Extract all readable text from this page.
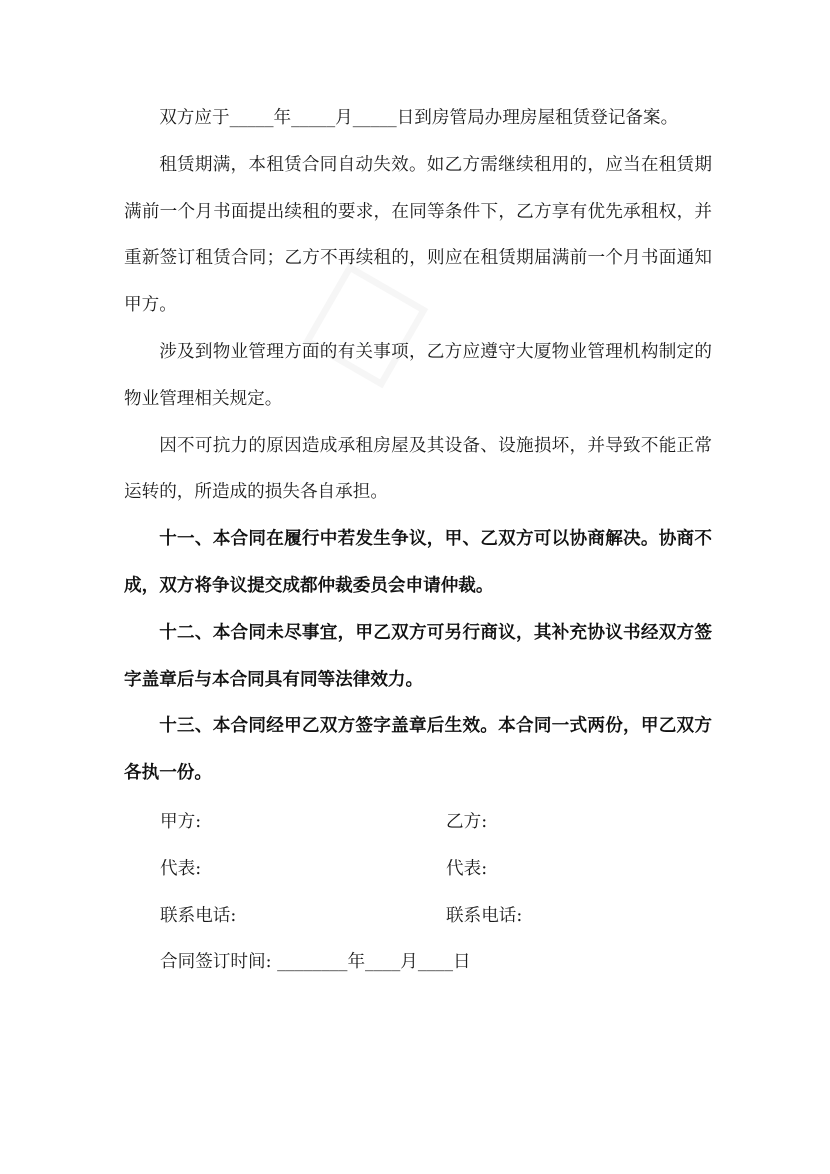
双方应于_____年_____月_____日到房管局办理房屋租赁登记备案。

租赁期满，本租赁合同自动失效。如乙方需继续租用的，应当在租赁期满前一个月书面提出续租的要求，在同等条件下，乙方享有优先承租权，并重新签订租赁合同；乙方不再续租的，则应在租赁期届满前一个月书面通知甲方。

涉及到物业管理方面的有关事项，乙方应遵守大厦物业管理机构制定的物业管理相关规定。

因不可抗力的原因造成承租房屋及其设备、设施损坏，并导致不能正常运转的，所造成的损失各自承担。

十一、本合同在履行中若发生争议，甲、乙双方可以协商解决。协商不成，双方将争议提交成都仲裁委员会申请仲裁。

十二、本合同未尽事宜，甲乙双方可另行商议，其补充协议书经双方签字盖章后与本合同具有同等法律效力。

十三、本合同经甲乙双方签字盖章后生效。本合同一式两份，甲乙双方各执一份。

甲方:	乙方:
代表:	代表:
联系电话:	联系电话:
合同签订时间: ________年____月____日
